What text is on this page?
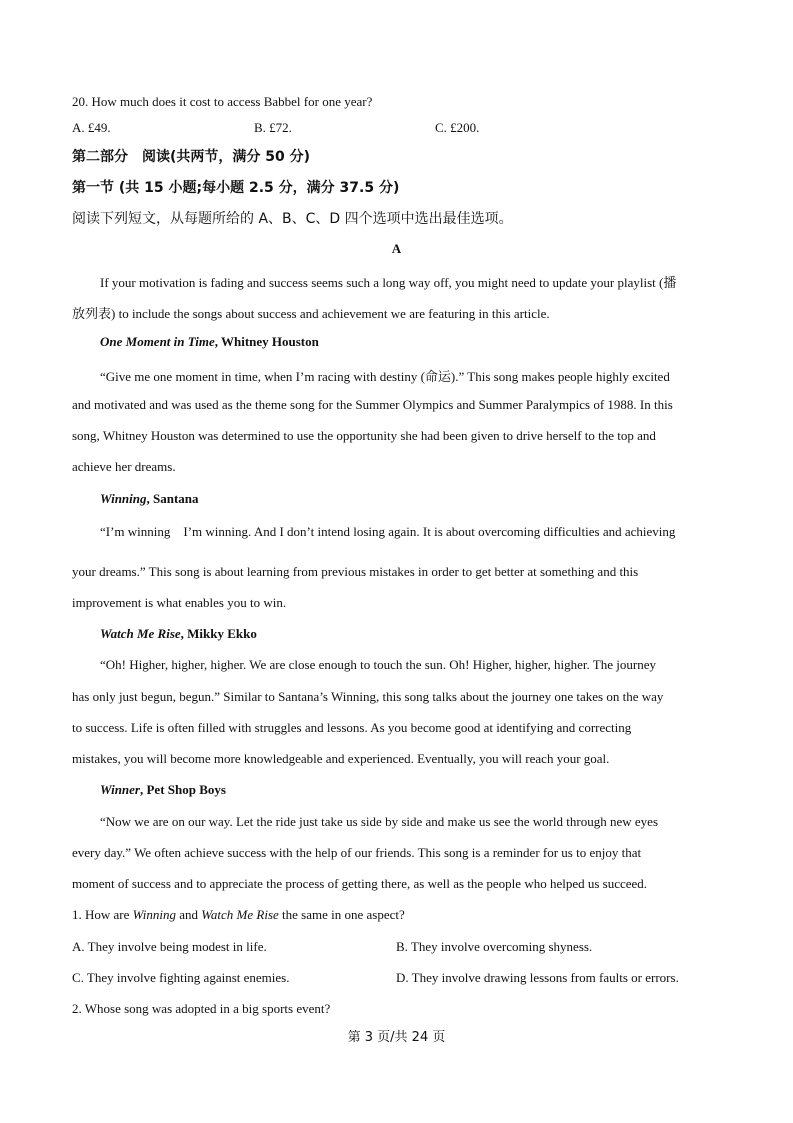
20. How much does it cost to access Babbel for one year?
A. £49.	B. £72.	C. £200.
第二部分　阅读(共两节，满分 50 分)
第一节 (共 15 小题;每小题 2.5 分，满分 37.5 分)
阅读下列短文，从每题所给的 A、B、C、D 四个选项中选出最佳选项。
A
If your motivation is fading and success seems such a long way off, you might need to update your playlist (播
放列表) to include the songs about success and achievement we are featuring in this article.
One Moment in Time, Whitney Houston
“Give me one moment in time, when I’m racing with destiny (命运).” This song makes people highly excited
and motivated and was used as the theme song for the Summer Olympics and Summer Paralympics of 1988. In this
song, Whitney Houston was determined to use the opportunity she had been given to drive herself to the top and
achieve her dreams.
Winning, Santana
“I’m winning　I’m winning. And I don’t intend losing again. It is about overcoming difficulties and achieving
your dreams.” This song is about learning from previous mistakes in order to get better at something and this
improvement is what enables you to win.
Watch Me Rise, Mikky Ekko
“Oh! Higher, higher, higher. We are close enough to touch the sun. Oh! Higher, higher, higher. The journey
has only just begun, begun.” Similar to Santana’s Winning, this song talks about the journey one takes on the way
to success. Life is often filled with struggles and lessons. As you become good at identifying and correcting
mistakes, you will become more knowledgeable and experienced. Eventually, you will reach your goal.
Winner, Pet Shop Boys
“Now we are on our way. Let the ride just take us side by side and make us see the world through new eyes
every day.” We often achieve success with the help of our friends. This song is a reminder for us to enjoy that
moment of success and to appreciate the process of getting there, as well as the people who helped us succeed.
1. How are Winning and Watch Me Rise the same in one aspect?
A. They involve being modest in life.	B. They involve overcoming shyness.
C. They involve fighting against enemies.	D. They involve drawing lessons from faults or errors.
2. Whose song was adopted in a big sports event?
第 3 页/共 24 页
